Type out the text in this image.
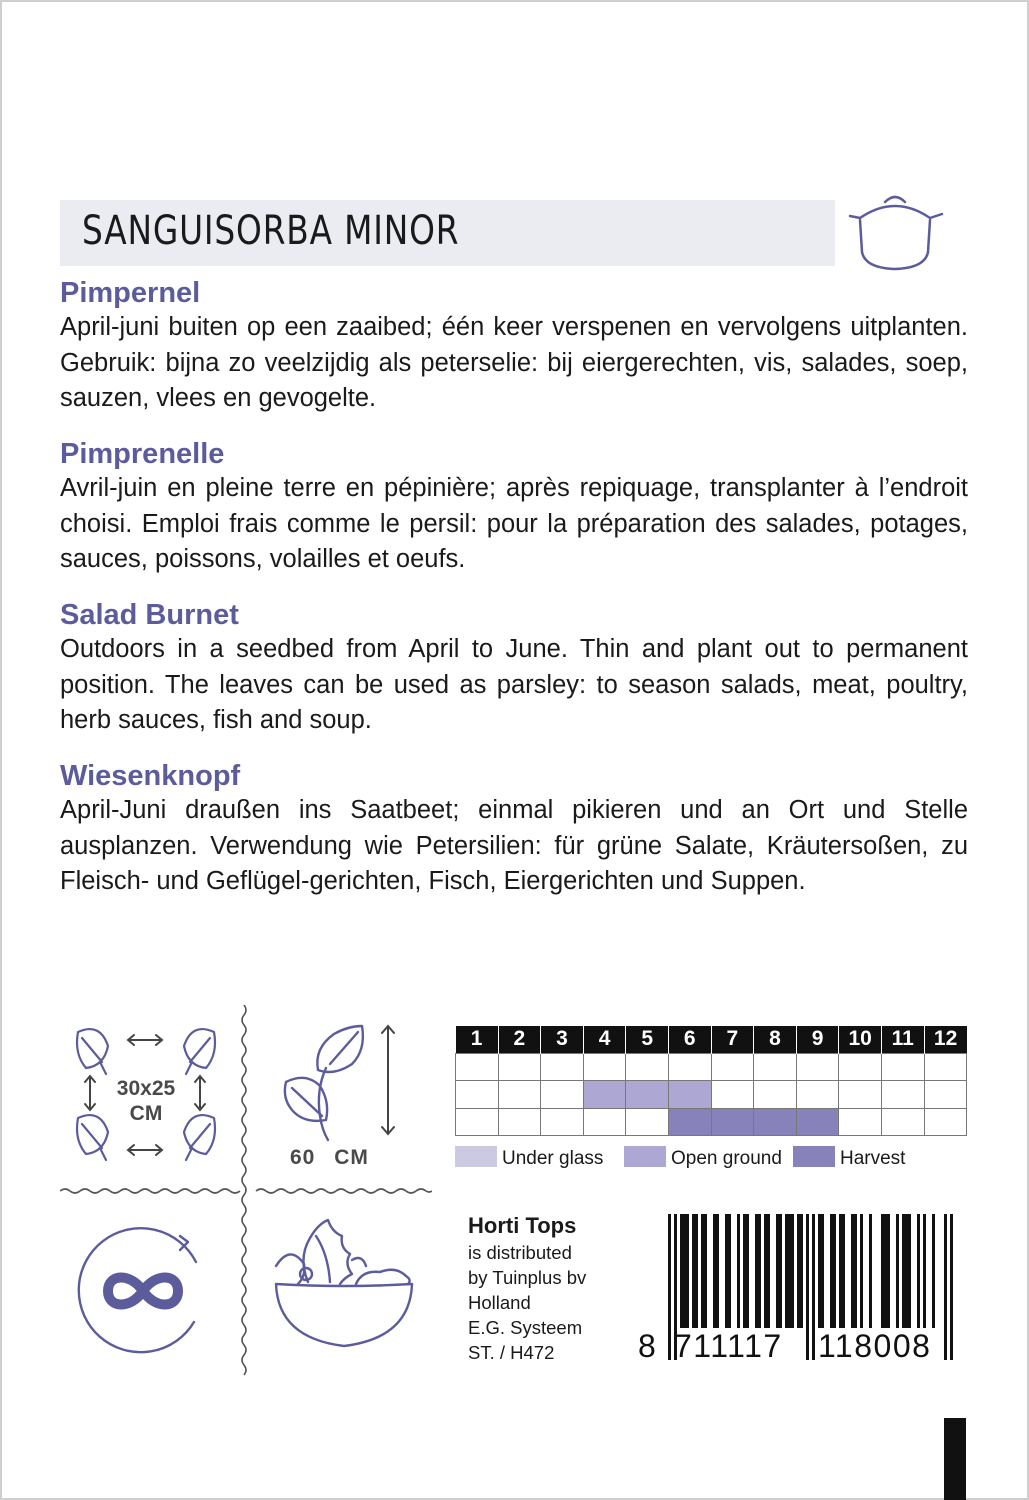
SANGUISORBA MINOR
Pimpernel

April-juni buiten op een zaaibed; één keer verspenen en vervolgens uitplanten. Gebruik: bijna zo veelzijdig als peterselie: bij eiergerechten, vis, salades, soep, sauzen, vlees en gevogelte.

Pimprenelle

Avril-juin en pleine terre en pépinière; après repiquage, transplanter à l’endroit choisi. Emploi frais comme le persil: pour la préparation des salades, potages, sauces, poissons, volailles et oeufs.

Salad Burnet

Outdoors in a seedbed from April to June. Thin and plant out to permanent position. The leaves can be used as parsley: to season salads, meat, poultry, herb sauces, fish and soup.

Wiesenknopf

April-Juni draußen ins Saatbeet; einmal pikieren und an Ort und Stelle ausplanzen. Verwendung wie Petersilien: für grüne Salate, Kräutersoßen, zu Fleisch- und Geflügel-gerichten, Fisch, Eiergerichten und Suppen.

30x25
CM
60 CM
1	2	3	4	5	6	7	8	9	10	11	12

Under glass	Open ground	Harvest
Horti Tops
is distributed
by Tuinplus bv
Holland
E.G. Systeem
ST. / H472	8 711117 118008
